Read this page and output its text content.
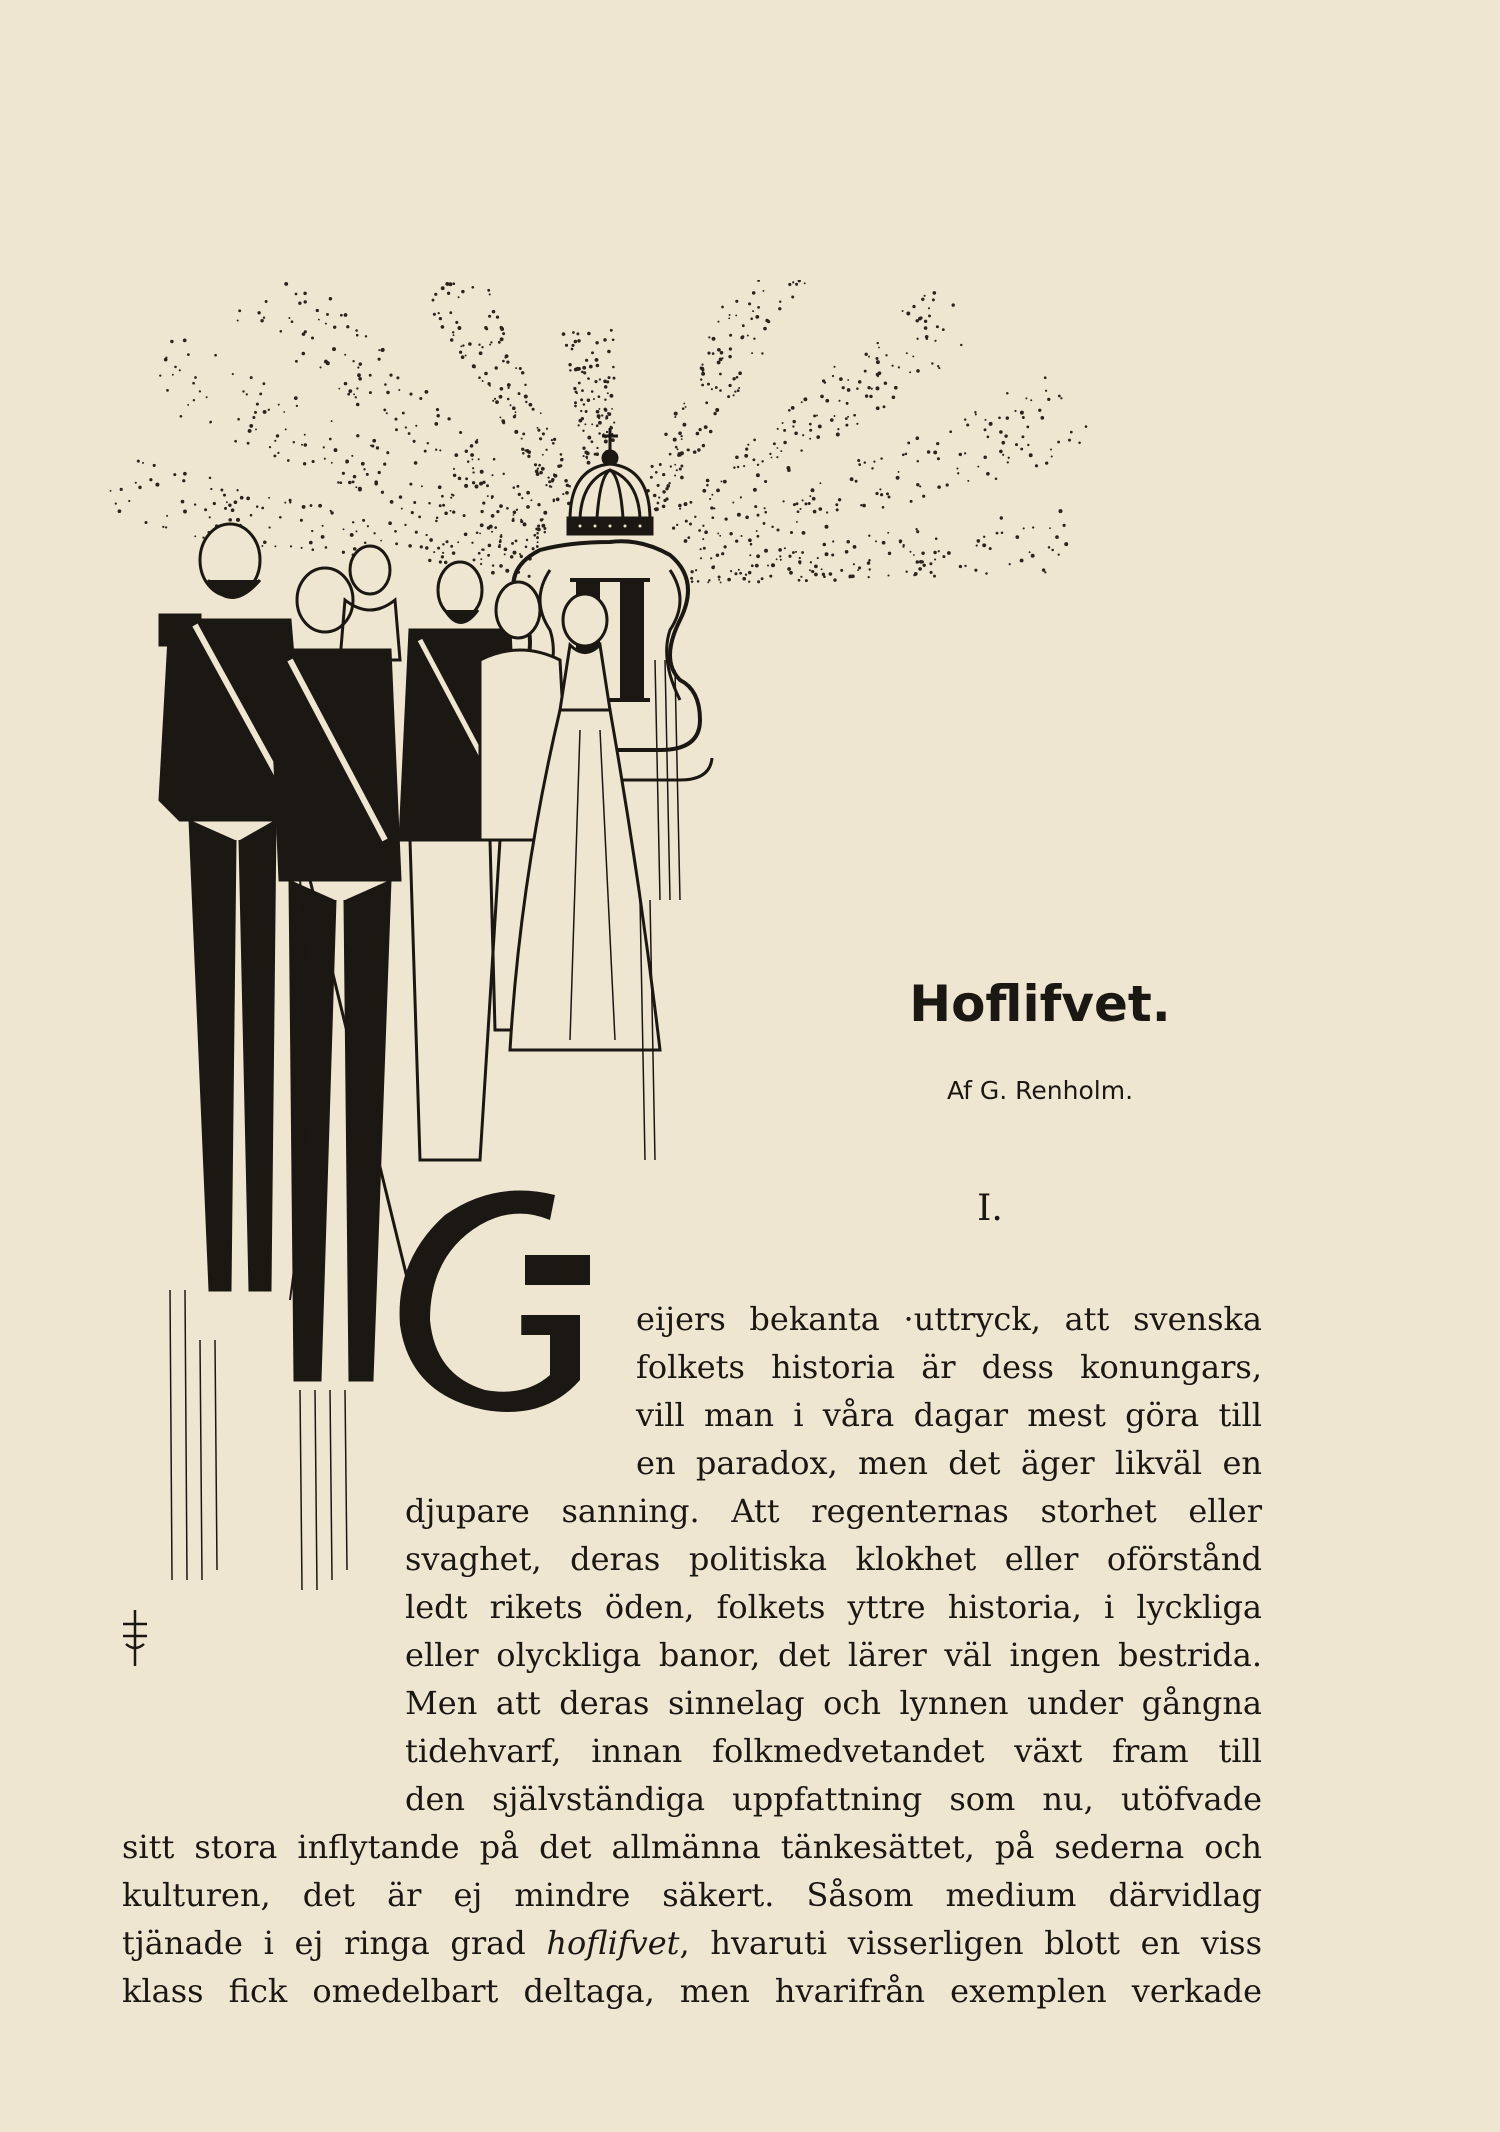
Hoflifvet.
Af G. Renholm.
I.
G	eijers bekanta ·uttryck, att svenska
folkets historia är dess konungars,
vill man i våra dagar mest göra till
en paradox, men det äger likväl en
djupare sanning. Att regenternas storhet eller
svaghet, deras politiska klokhet eller oförstånd
ledt rikets öden, folkets yttre historia, i lyckliga
eller olyckliga banor, det lärer väl ingen bestrida.
Men att deras sinnelag och lynnen under gångna
tidehvarf, innan folkmedvetandet växt fram till
den självständiga uppfattning som nu, utöfvade
sitt stora inflytande på det allmänna tänkesättet, på sederna och
kulturen, det är ej mindre säkert. Såsom medium därvidlag
tjänade i ej ringa grad hoflifvet, hvaruti visserligen blott en viss
klass fick omedelbart deltaga, men hvarifrån exemplen verkade
